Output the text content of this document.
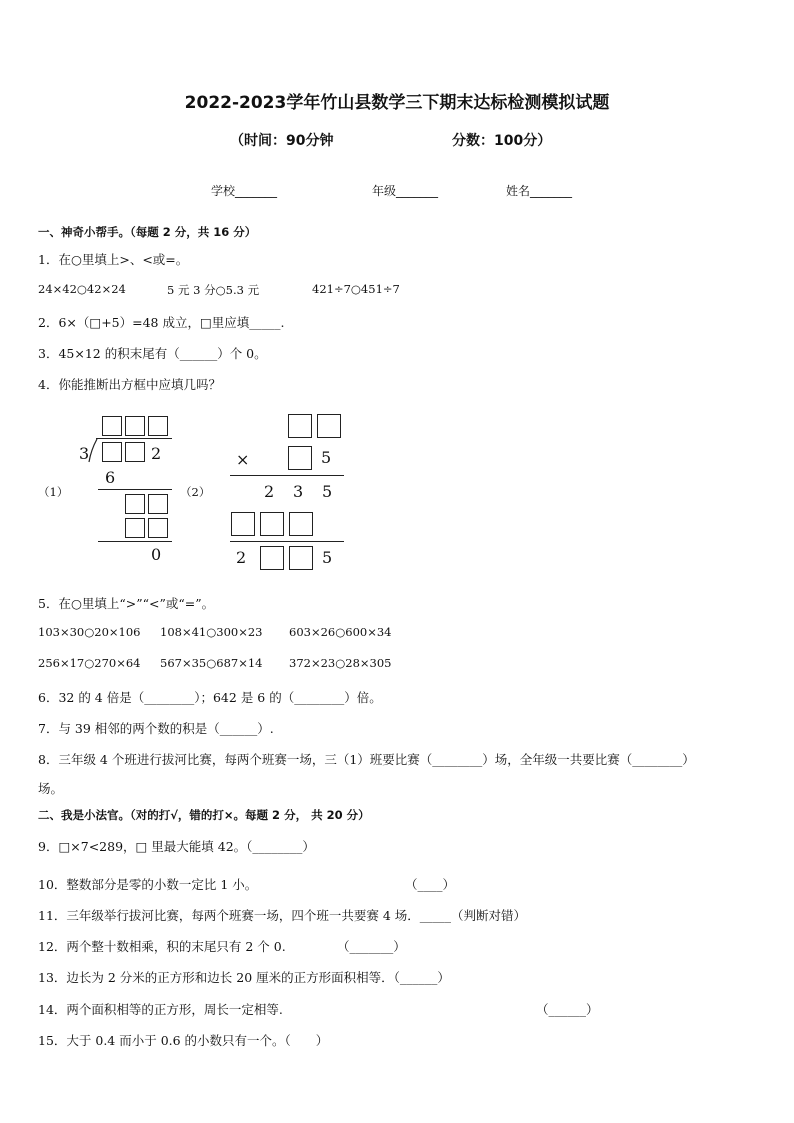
2022-2023学年竹山县数学三下期末达标检测模拟试题
（时间：90分钟	分数：100分）
学校_______	年级_______	姓名_______
一、神奇小帮手。（每题 2 分，共 16 分）
1．在○里填上>、<或=。
24×42○42×24	5 元 3 分○5.3 元	421÷7○451÷7
2．6×（□+5）=48 成立，□里应填_____.
3．45×12 的积末尾有（______）个 0。
4．你能推断出方框中应填几吗？
（1）	（2）
3	2
6
0
×	5
2 3 5
2	5
5．在○里填上“>”“<”或“=”。
103×30○20×106 108×41○300×23 603×26○600×34
256×17○270×64 567×35○687×14 372×23○28×305
6．32 的 4 倍是（________）；642 是 6 的（________）倍。
7．与 39 相邻的两个数的积是（______）.
8．三年级 4 个班进行拔河比赛，每两个班赛一场，三（1）班要比赛（________）场，全年级一共要比赛（________）
场。
二、我是小法官。（对的打√，错的打×。每题 2 分， 共 20 分）
9．□×7<289，□ 里最大能填 42。（________）
10．整数部分是零的小数一定比 1 小。	（____）
11．三年级举行拔河比赛，每两个班赛一场，四个班一共要赛 4 场．_____（判断对错）
12．两个整十数相乘，积的末尾只有 2 个 0.	（_______）
13．边长为 2 分米的正方形和边长 20 厘米的正方形面积相等．（______）
14．两个面积相等的正方形，周长一定相等.	（______）
15．大于 0.4 而小于 0.6 的小数只有一个。（　　）
